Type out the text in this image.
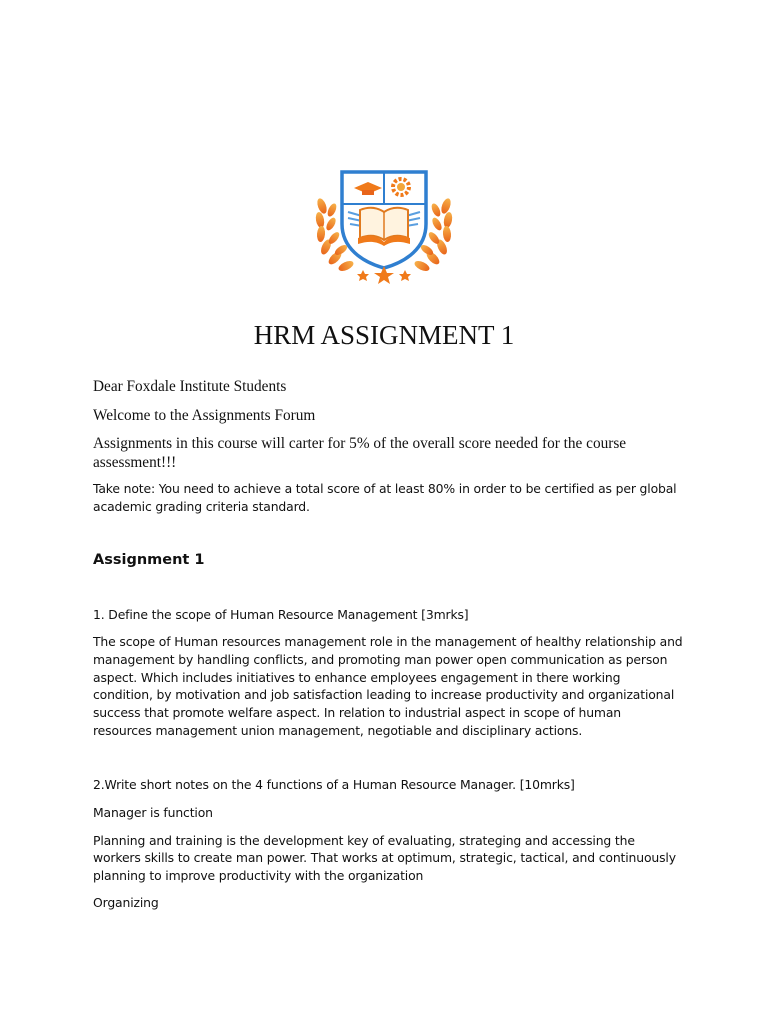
HRM ASSIGNMENT 1

Dear Foxdale Institute Students

Welcome to the Assignments Forum

Assignments in this course will carter for 5% of the overall score needed for the course assessment!!!

Take note: You need to achieve a total score of at least 80% in order to be certified as per global academic grading criteria standard.

Assignment 1

1. Define the scope of Human Resource Management [3mrks]

The scope of Human resources management role in the management of healthy relationship and management by handling conflicts, and promoting man power open communication as person aspect. Which includes initiatives to enhance employees engagement in there working condition, by motivation and job satisfaction leading to increase productivity and organizational success that promote welfare aspect. In relation to industrial aspect in scope of human resources management union management, negotiable and disciplinary actions.

2.Write short notes on the 4 functions of a Human Resource Manager. [10mrks]

Manager is function

Planning and training is the development key of evaluating, strateging and accessing the workers skills to create man power. That works at optimum, strategic, tactical, and continuously planning to improve productivity with the organization

Organizing
